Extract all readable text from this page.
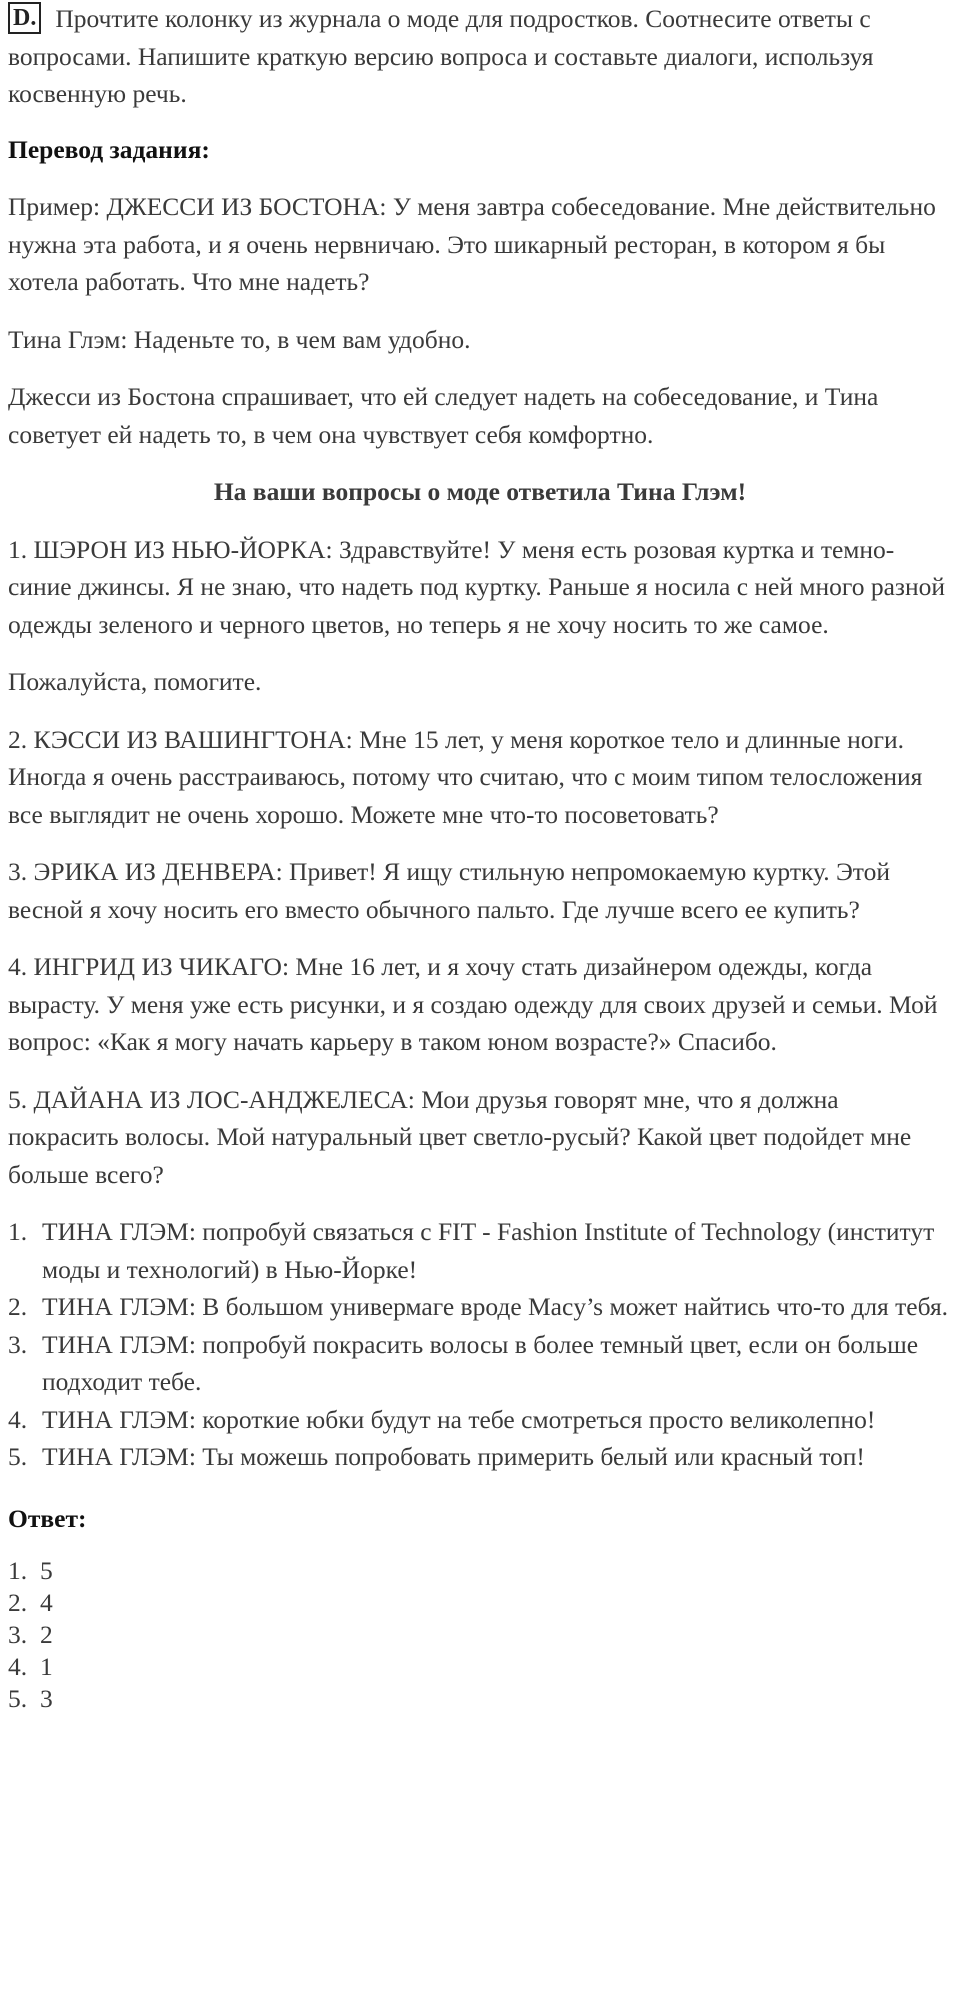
D. Прочтите колонку из журнала о моде для подростков. Соотнесите ответы с вопросами. Напишите краткую версию вопроса и составьте диалоги, используя косвенную речь.

Перевод задания:

Пример: ДЖЕССИ ИЗ БОСТОНА: У меня завтра собеседование. Мне действительно нужна эта работа, и я очень нервничаю. Это шикарный ресторан, в котором я бы хотела работать. Что мне надеть?

Тина Глэм: Наденьте то, в чем вам удобно.

Джесси из Бостона спрашивает, что ей следует надеть на собеседование, и Тина советует ей надеть то, в чем она чувствует себя комфортно.

На ваши вопросы о моде ответила Тина Глэм!

1. ШЭРОН ИЗ НЬЮ-ЙОРКА: Здравствуйте! У меня есть розовая куртка и темно-синие джинсы. Я не знаю, что надеть под куртку. Раньше я носила с ней много разной одежды зеленого и черного цветов, но теперь я не хочу носить то же самое.

Пожалуйста, помогите.

2. КЭССИ ИЗ ВАШИНГТОНА: Мне 15 лет, у меня короткое тело и длинные ноги. Иногда я очень расстраиваюсь, потому что считаю, что с моим типом телосложения все выглядит не очень хорошо. Можете мне что-то посоветовать?

3. ЭРИКА ИЗ ДЕНВЕРА: Привет! Я ищу стильную непромокаемую куртку. Этой весной я хочу носить его вместо обычного пальто. Где лучше всего ее купить?

4. ИНГРИД ИЗ ЧИКАГО: Мне 16 лет, и я хочу стать дизайнером одежды, когда вырасту. У меня уже есть рисунки, и я создаю одежду для своих друзей и семьи. Мой вопрос: «Как я могу начать карьеру в таком юном возрасте?» Спасибо.

5. ДАЙАНА ИЗ ЛОС-АНДЖЕЛЕСА: Мои друзья говорят мне, что я должна покрасить волосы. Мой натуральный цвет светло-русый? Какой цвет подойдет мне больше всего?

1. ТИНА ГЛЭМ: попробуй связаться с FIT - Fashion Institute of Technology (институт моды и технологий) в Нью-Йорке!
2. ТИНА ГЛЭМ: В большом универмаге вроде Macy’s может найтись что-то для тебя.
3. ТИНА ГЛЭМ: попробуй покрасить волосы в более темный цвет, если он больше подходит тебе.
4. ТИНА ГЛЭМ: короткие юбки будут на тебе смотреться просто великолепно!
5. ТИНА ГЛЭМ: Ты можешь попробовать примерить белый или красный топ!

Ответ:

1. 5
2. 4
3. 2
4. 1
5. 3
